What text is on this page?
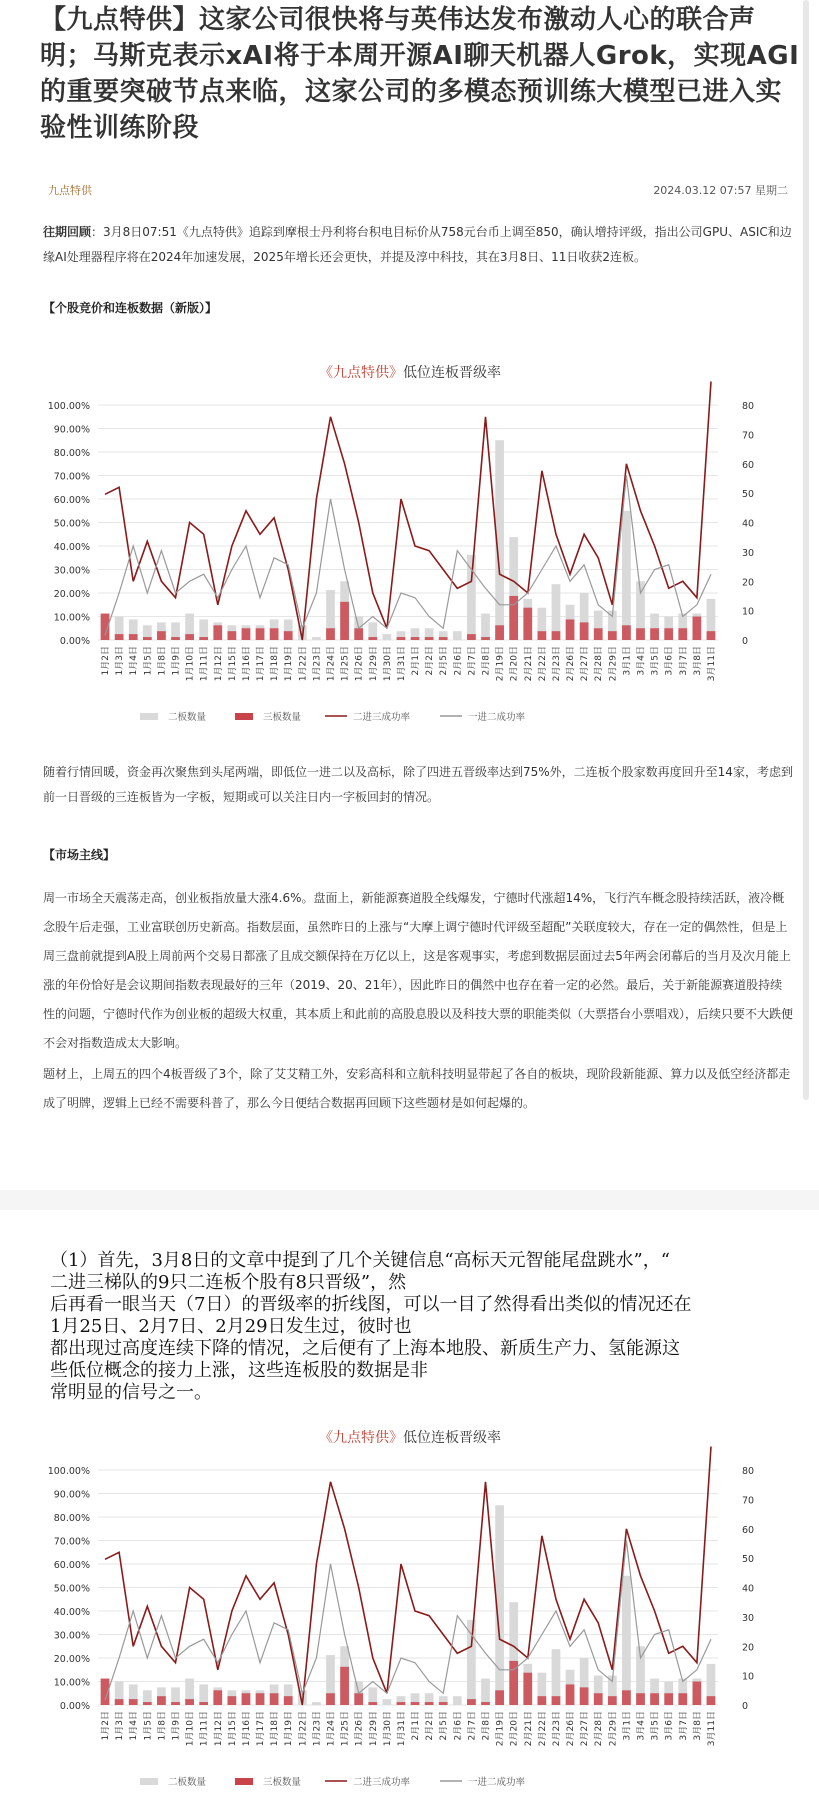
【九点特供】这家公司很快将与英伟达发布激动人心的联合声明；马斯克表示xAI将于本周开源AI聊天机器人Grok，实现AGI的重要突破节点来临，这家公司的多模态预训练大模型已进入实验性训练阶段
九点特供	2024.03.12 07:57 星期二
往期回顾：3月8日07:51《九点特供》追踪到摩根士丹利将台积电目标价从758元台币上调至850，确认增持评级，指出公司GPU、ASIC和边缘AI处理器程序将在2024年加速发展，2025年增长还会更快，并提及淳中科技，其在3月8日、11日收获2连板。
【个股竞价和连板数据（新版）】
《九点特供》低位连板晋级率
0.00%
10.00%
20.00%
30.00%
40.00%
50.00%
60.00%
70.00%
80.00%
90.00%
100.00%
0
10
20
30
40
50
60
70
80
1月2日 1月3日 1月4日 1月5日 1月8日 1月9日 1月10日 1月11日 1月12日 1月15日 1月16日 1月17日 1月18日 1月19日 1月22日 1月23日 1月24日 1月25日 1月26日 1月29日 1月30日 1月31日 2月1日 2月2日 2月5日 2月6日 2月7日 2月8日 2月19日 2月20日 2月21日 2月22日 2月23日 2月26日 2月27日 2月28日 2月29日 3月1日 3月4日 3月5日 3月6日 3月7日 3月8日 3月11日
二板数量	三板数量	二进三成功率	一进二成功率
随着行情回暖，资金再次聚焦到头尾两端，即低位一进二以及高标，除了四进五晋级率达到75%外，二连板个股家数再度回升至14家，考虑到前一日晋级的三连板皆为一字板，短期或可以关注日内一字板回封的情况。
【市场主线】
周一市场全天震荡走高，创业板指放量大涨4.6%。盘面上，新能源赛道股全线爆发，宁德时代涨超14%，飞行汽车概念股持续活跃，液冷概念股午后走强，工业富联创历史新高。指数层面，虽然昨日的上涨与“大摩上调宁德时代评级至超配”关联度较大，存在一定的偶然性，但是上周三盘前就提到A股上周前两个交易日都涨了且成交额保持在万亿以上，这是客观事实，考虑到数据层面过去5年两会闭幕后的当月及次月能上涨的年份恰好是会议期间指数表现最好的三年（2019、20、21年），因此昨日的偶然中也存在着一定的必然。最后，关于新能源赛道股持续性的问题，宁德时代作为创业板的超级大权重，其本质上和此前的高股息股以及科技大票的职能类似（大票搭台小票唱戏），后续只要不大跌便不会对指数造成太大影响。
题材上，上周五的四个4板晋级了3个，除了艾艾精工外，安彩高科和立航科技明显带起了各自的板块，现阶段新能源、算力以及低空经济都走成了明牌，逻辑上已经不需要科普了，那么今日便结合数据再回顾下这些题材是如何起爆的。
（1）首先，3月8日的文章中提到了几个关键信息“高标天元智能尾盘跳水”，“
二进三梯队的9只二连板个股有8只晋级”，然
后再看一眼当天（7日）的晋级率的折线图，可以一目了然得看出类似的情况还在
1月25日、2月7日、2月29日发生过，彼时也
都出现过高度连续下降的情况，之后便有了上海本地股、新质生产力、氢能源这
些低位概念的接力上涨，这些连板股的数据是非
常明显的信号之一。
《九点特供》低位连板晋级率
0.00%
10.00%
20.00%
30.00%
40.00%
50.00%
60.00%
70.00%
80.00%
90.00%
100.00%
0
10
20
30
40
50
60
70
80
1月2日 1月3日 1月4日 1月5日 1月8日 1月9日 1月10日 1月11日 1月12日 1月15日 1月16日 1月17日 1月18日 1月19日 1月22日 1月23日 1月24日 1月25日 1月26日 1月29日 1月30日 1月31日 2月1日 2月2日 2月5日 2月6日 2月7日 2月8日 2月19日 2月20日 2月21日 2月22日 2月23日 2月26日 2月27日 2月28日 2月29日 3月1日 3月4日 3月5日 3月6日 3月7日 3月8日 3月11日
二板数量	三板数量	二进三成功率	一进二成功率
